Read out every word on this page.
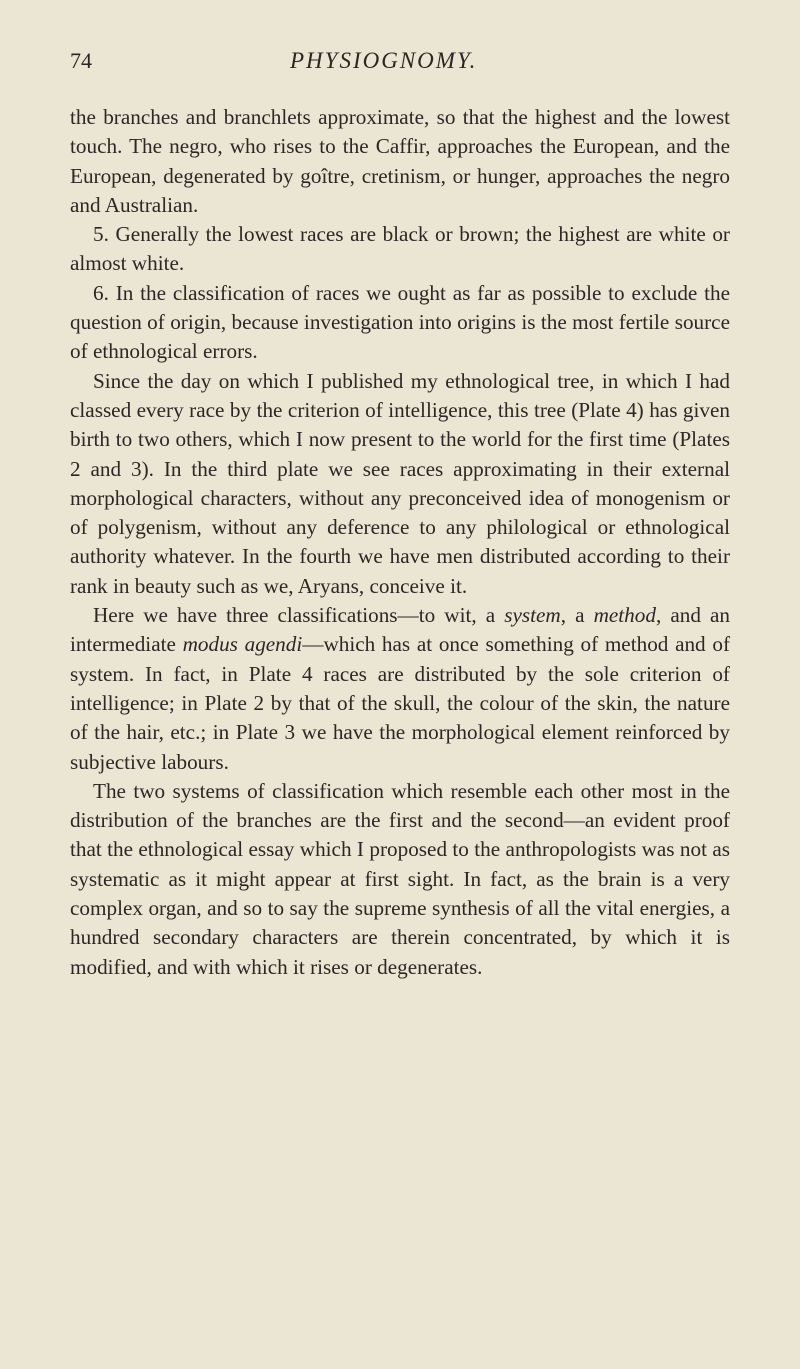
74	PHYSIOGNOMY.

the branches and branchlets approximate, so that the highest and the lowest touch. The negro, who rises to the Caffir, approaches the European, and the European, degenerated by goître, cretinism, or hunger, approaches the negro and Australian.

5. Generally the lowest races are black or brown; the highest are white or almost white.

6. In the classification of races we ought as far as possible to exclude the question of origin, because investigation into origins is the most fertile source of ethnological errors.

Since the day on which I published my ethnological tree, in which I had classed every race by the criterion of intelligence, this tree (Plate 4) has given birth to two others, which I now present to the world for the first time (Plates 2 and 3). In the third plate we see races approximating in their external morphological characters, without any preconceived idea of monogenism or of polygenism, without any deference to any philological or ethnological authority whatever. In the fourth we have men distributed according to their rank in beauty such as we, Aryans, conceive it.

Here we have three classifications—to wit, a system, a method, and an intermediate modus agendi—which has at once something of method and of system. In fact, in Plate 4 races are distributed by the sole criterion of intelligence; in Plate 2 by that of the skull, the colour of the skin, the nature of the hair, etc.; in Plate 3 we have the morphological element reinforced by subjective labours.

The two systems of classification which resemble each other most in the distribution of the branches are the first and the second—an evident proof that the ethnological essay which I proposed to the anthropologists was not as systematic as it might appear at first sight. In fact, as the brain is a very complex organ, and so to say the supreme synthesis of all the vital energies, a hundred secondary characters are therein concentrated, by which it is modified, and with which it rises or degenerates.
